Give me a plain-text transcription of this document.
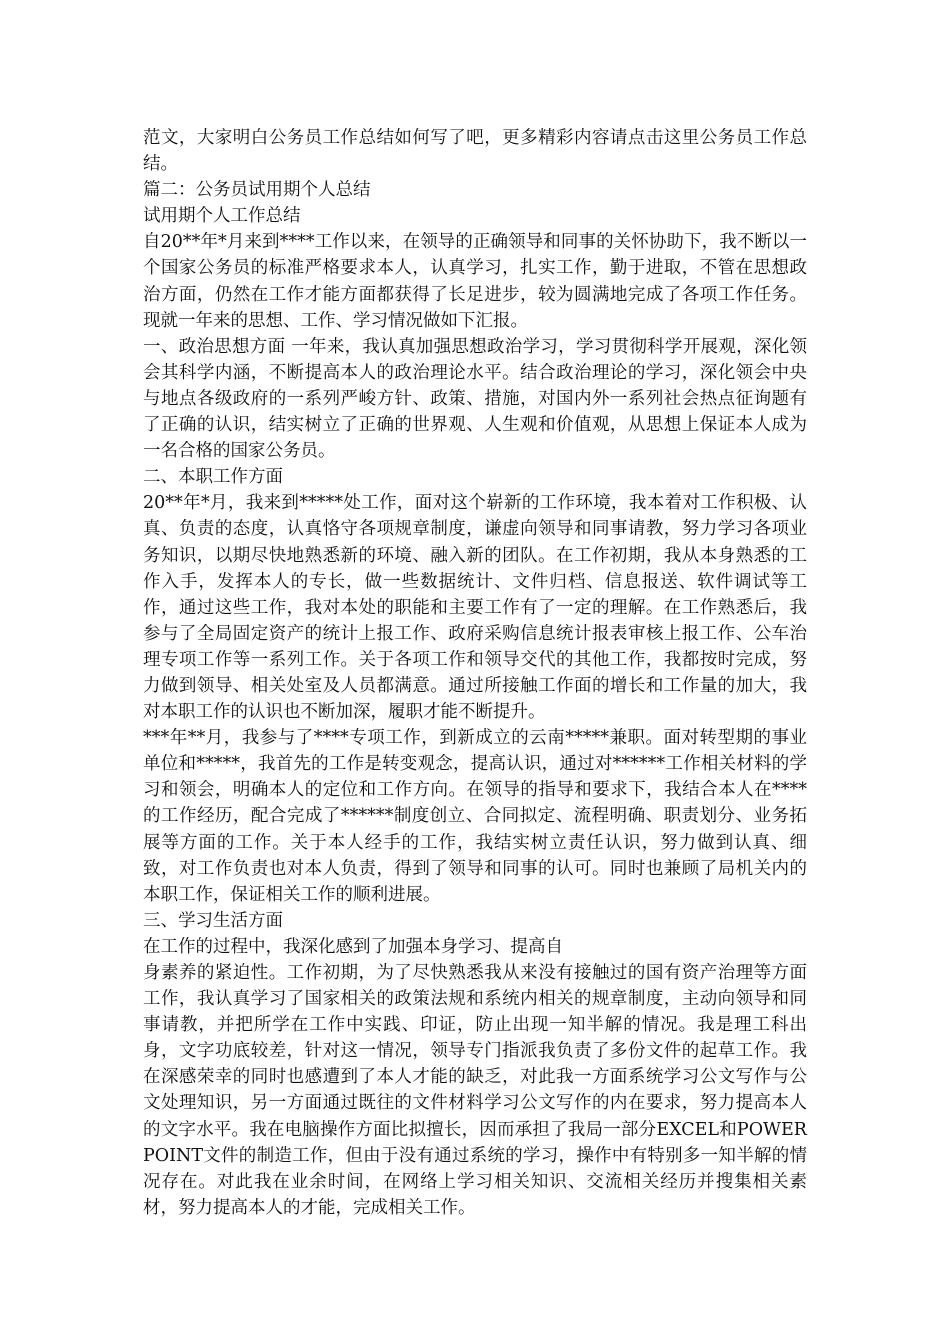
范文，大家明白公务员工作总结如何写了吧，更多精彩内容请点击这里公务员工作总结。

篇二：公务员试用期个人总结

试用期个人工作总结

自20**年*月来到****工作以来，在领导的正确领导和同事的关怀协助下，我不断以一个国家公务员的标准严格要求本人，认真学习，扎实工作，勤于进取，不管在思想政治方面，仍然在工作才能方面都获得了长足进步，较为圆满地完成了各项工作任务。现就一年来的思想、工作、学习情况做如下汇报。

一、政治思想方面 一年来，我认真加强思想政治学习，学习贯彻科学开展观，深化领会其科学内涵，不断提高本人的政治理论水平。结合政治理论的学习，深化领会中央与地点各级政府的一系列严峻方针、政策、措施，对国内外一系列社会热点征询题有了正确的认识，结实树立了正确的世界观、人生观和价值观，从思想上保证本人成为一名合格的国家公务员。

二、本职工作方面

20**年*月，我来到*****处工作，面对这个崭新的工作环境，我本着对工作积极、认真、负责的态度，认真恪守各项规章制度，谦虚向领导和同事请教，努力学习各项业务知识，以期尽快地熟悉新的环境、融入新的团队。在工作初期，我从本身熟悉的工作入手，发挥本人的专长，做一些数据统计、文件归档、信息报送、软件调试等工作，通过这些工作，我对本处的职能和主要工作有了一定的理解。在工作熟悉后，我参与了全局固定资产的统计上报工作、政府采购信息统计报表审核上报工作、公车治理专项工作等一系列工作。关于各项工作和领导交代的其他工作，我都按时完成，努力做到领导、相关处室及人员都满意。通过所接触工作面的增长和工作量的加大，我对本职工作的认识也不断加深，履职才能不断提升。

***年**月，我参与了****专项工作，到新成立的云南*****兼职。面对转型期的事业单位和*****，我首先的工作是转变观念，提高认识，通过对******工作相关材料的学习和领会，明确本人的定位和工作方向。在领导的指导和要求下，我结合本人在****的工作经历，配合完成了******制度创立、合同拟定、流程明确、职责划分、业务拓展等方面的工作。关于本人经手的工作，我结实树立责任认识，努力做到认真、细致，对工作负责也对本人负责，得到了领导和同事的认可。同时也兼顾了局机关内的本职工作，保证相关工作的顺利进展。

三、学习生活方面

在工作的过程中，我深化感到了加强本身学习、提高自

身素养的紧迫性。工作初期，为了尽快熟悉我从来没有接触过的国有资产治理等方面工作，我认真学习了国家相关的政策法规和系统内相关的规章制度，主动向领导和同事请教，并把所学在工作中实践、印证，防止出现一知半解的情况。我是理工科出身，文字功底较差，针对这一情况，领导专门指派我负责了多份文件的起草工作。我在深感荣幸的同时也感遭到了本人才能的缺乏，对此我一方面系统学习公文写作与公文处理知识，另一方面通过既往的文件材料学习公文写作的内在要求，努力提高本人的文字水平。我在电脑操作方面比拟擅长，因而承担了我局一部分EXCEL和POWERPOINT文件的制造工作，但由于没有通过系统的学习，操作中有特别多一知半解的情况存在。对此我在业余时间，在网络上学习相关知识、交流相关经历并搜集相关素材，努力提高本人的才能，完成相关工作。
